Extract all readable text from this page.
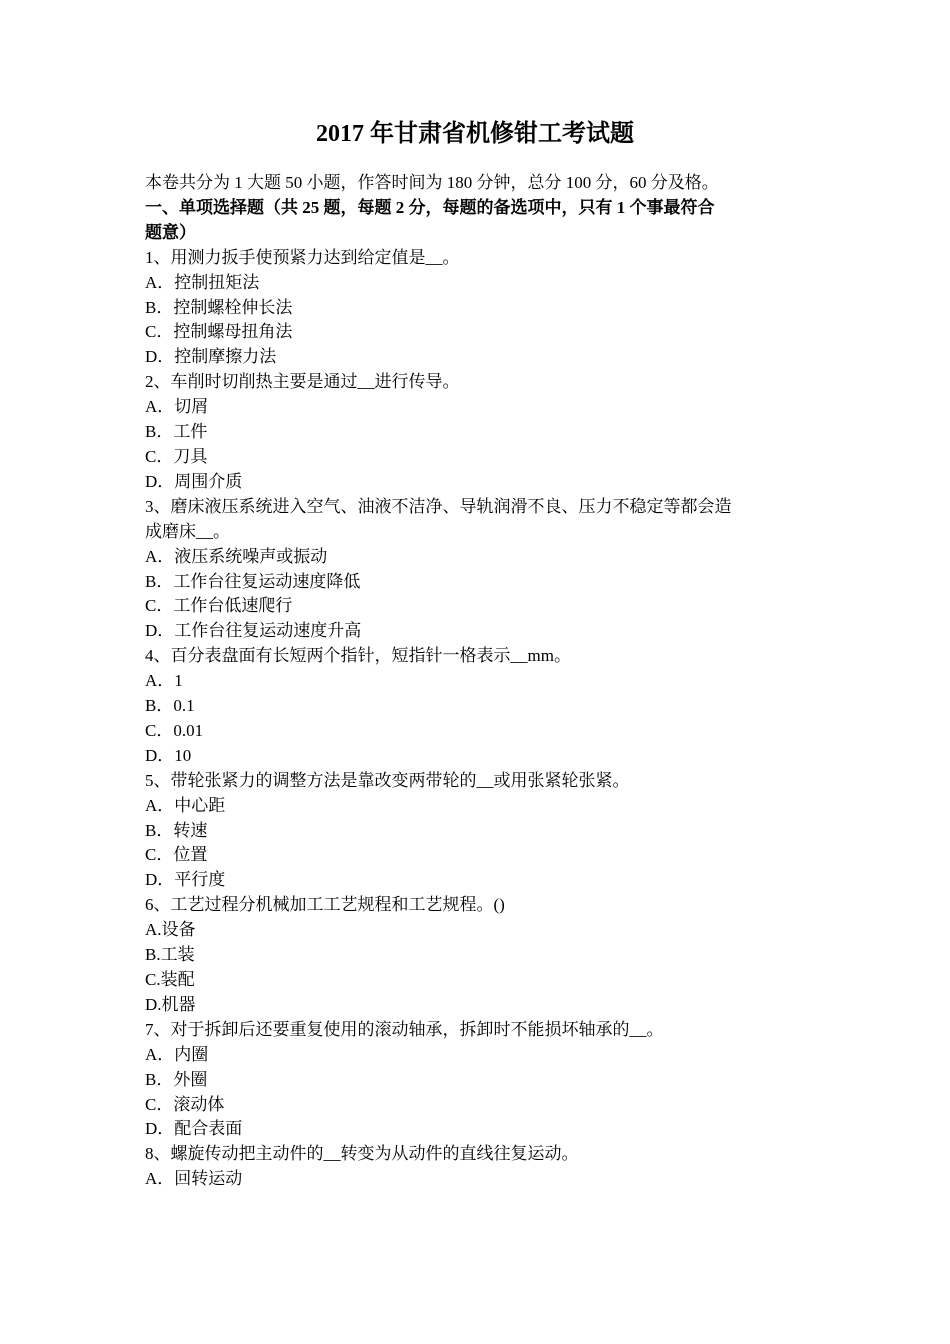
2017 年甘肃省机修钳工考试题
本卷共分为 1 大题 50 小题，作答时间为 180 分钟，总分 100 分，60 分及格。
一、单项选择题（共 25 题，每题 2 分，每题的备选项中，只有 1 个事最符合
题意）
1、用测力扳手使预紧力达到给定值是__。
A．控制扭矩法
B．控制螺栓伸长法
C．控制螺母扭角法
D．控制摩擦力法
2、车削时切削热主要是通过__进行传导。
A．切屑
B．工件
C．刀具
D．周围介质
3、磨床液压系统进入空气、油液不洁净、导轨润滑不良、压力不稳定等都会造
成磨床__。
A．液压系统噪声或振动
B．工作台往复运动速度降低
C．工作台低速爬行
D．工作台往复运动速度升高
4、百分表盘面有长短两个指针，短指针一格表示__mm。
A．1
B．0.1
C．0.01
D．10
5、带轮张紧力的调整方法是靠改变两带轮的__或用张紧轮张紧。
A．中心距
B．转速
C．位置
D．平行度
6、工艺过程分机械加工工艺规程和工艺规程。()
A.设备
B.工装
C.装配
D.机器
7、对于拆卸后还要重复使用的滚动轴承，拆卸时不能损坏轴承的__。
A．内圈
B．外圈
C．滚动体
D．配合表面
8、螺旋传动把主动件的__转变为从动件的直线往复运动。
A．回转运动
